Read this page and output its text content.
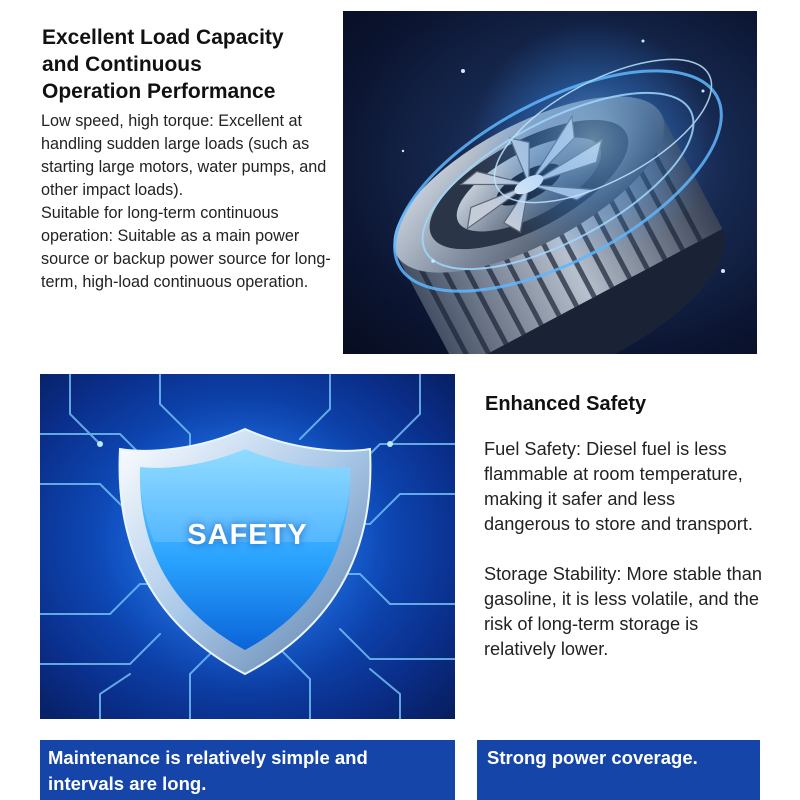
Excellent Load Capacity
and Continuous
Operation Performance

Low speed, high torque: Excellent at handling sudden large loads (such as starting large motors, water pumps, and other impact loads).

Suitable for long-term continuous operation: Suitable as a main power source or backup power source for long-term, high-load continuous operation.

SAFETY
Enhanced Safety

Fuel Safety: Diesel fuel is less flammable at room temperature, making it safer and less dangerous to store and transport.

Storage Stability: More stable than gasoline, it is less volatile, and the risk of long-term storage is relatively lower.

Maintenance is relatively simple and intervals are long.
Strong power coverage.
